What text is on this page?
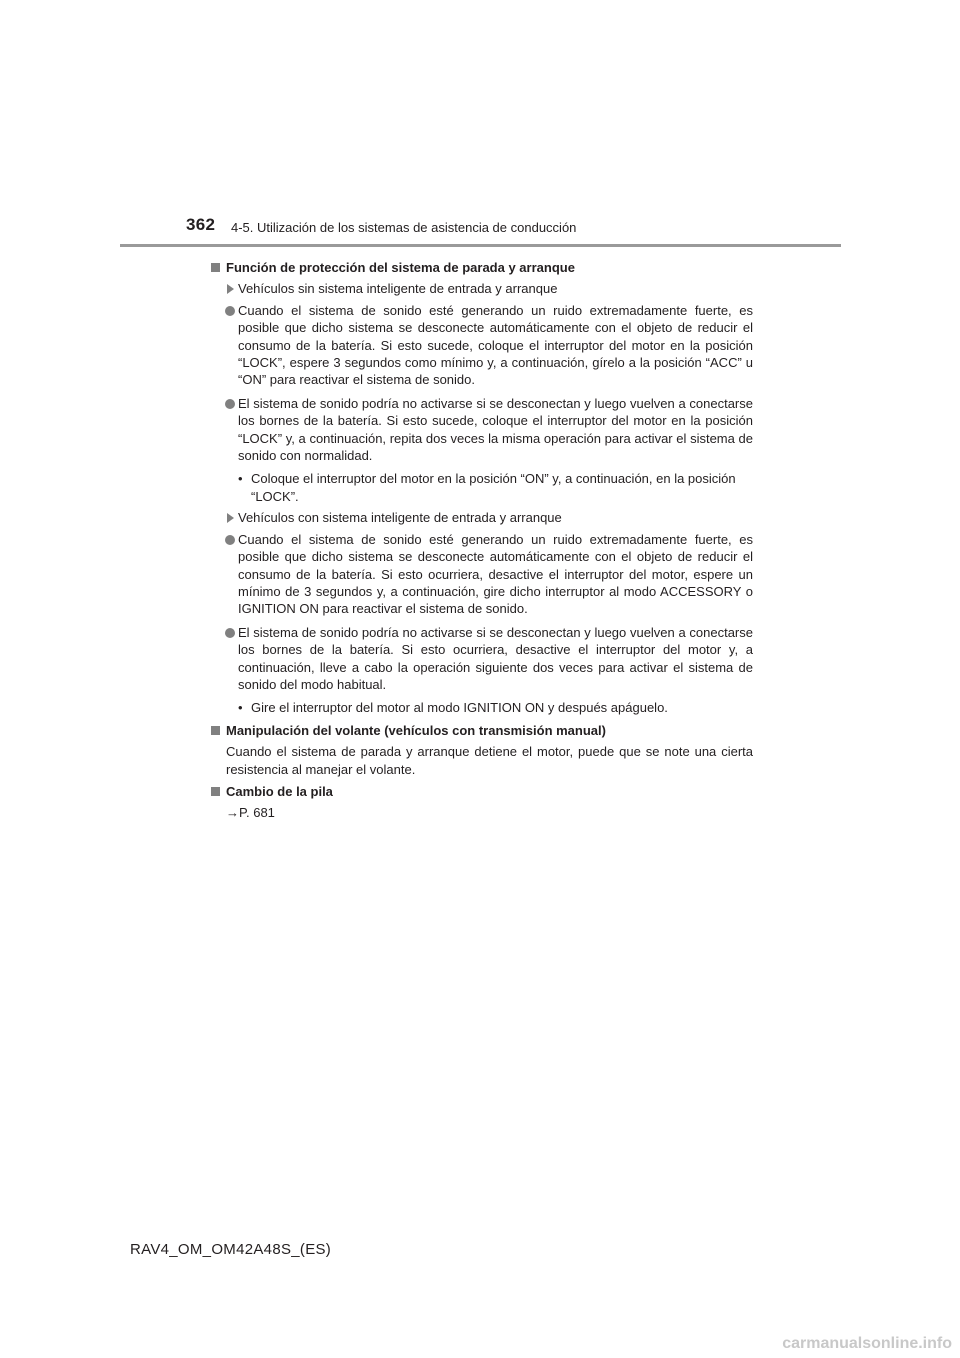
362 4-5. Utilización de los sistemas de asistencia de conducción
Función de protección del sistema de parada y arranque
Vehículos sin sistema inteligente de entrada y arranque
Cuando el sistema de sonido esté generando un ruido extremadamente fuerte, es posible que dicho sistema se desconecte automáticamente con el objeto de reducir el consumo de la batería. Si esto sucede, coloque el interruptor del motor en la posición “LOCK”, espere 3 segundos como mínimo y, a continuación, gírelo a la posición “ACC” u “ON” para reactivar el sistema de sonido.
El sistema de sonido podría no activarse si se desconectan y luego vuelven a conectarse los bornes de la batería. Si esto sucede, coloque el interruptor del motor en la posición “LOCK” y, a continuación, repita dos veces la misma operación para activar el sistema de sonido con normalidad.
• Coloque el interruptor del motor en la posición “ON” y, a continuación, en la posición “LOCK”.
Vehículos con sistema inteligente de entrada y arranque
Cuando el sistema de sonido esté generando un ruido extremadamente fuerte, es posible que dicho sistema se desconecte automáticamente con el objeto de reducir el consumo de la batería. Si esto ocurriera, desactive el interruptor del motor, espere un mínimo de 3 segundos y, a continuación, gire dicho interruptor al modo ACCESSORY o IGNITION ON para reactivar el sistema de sonido.
El sistema de sonido podría no activarse si se desconectan y luego vuelven a conectarse los bornes de la batería. Si esto ocurriera, desactive el interruptor del motor y, a continuación, lleve a cabo la operación siguiente dos veces para activar el sistema de sonido del modo habitual.
• Gire el interruptor del motor al modo IGNITION ON y después apáguelo.
Manipulación del volante (vehículos con transmisión manual)
Cuando el sistema de parada y arranque detiene el motor, puede que se note una cierta resistencia al manejar el volante.
Cambio de la pila
→P. 681
RAV4_OM_OM42A48S_(ES)
carmanualsonline.info
